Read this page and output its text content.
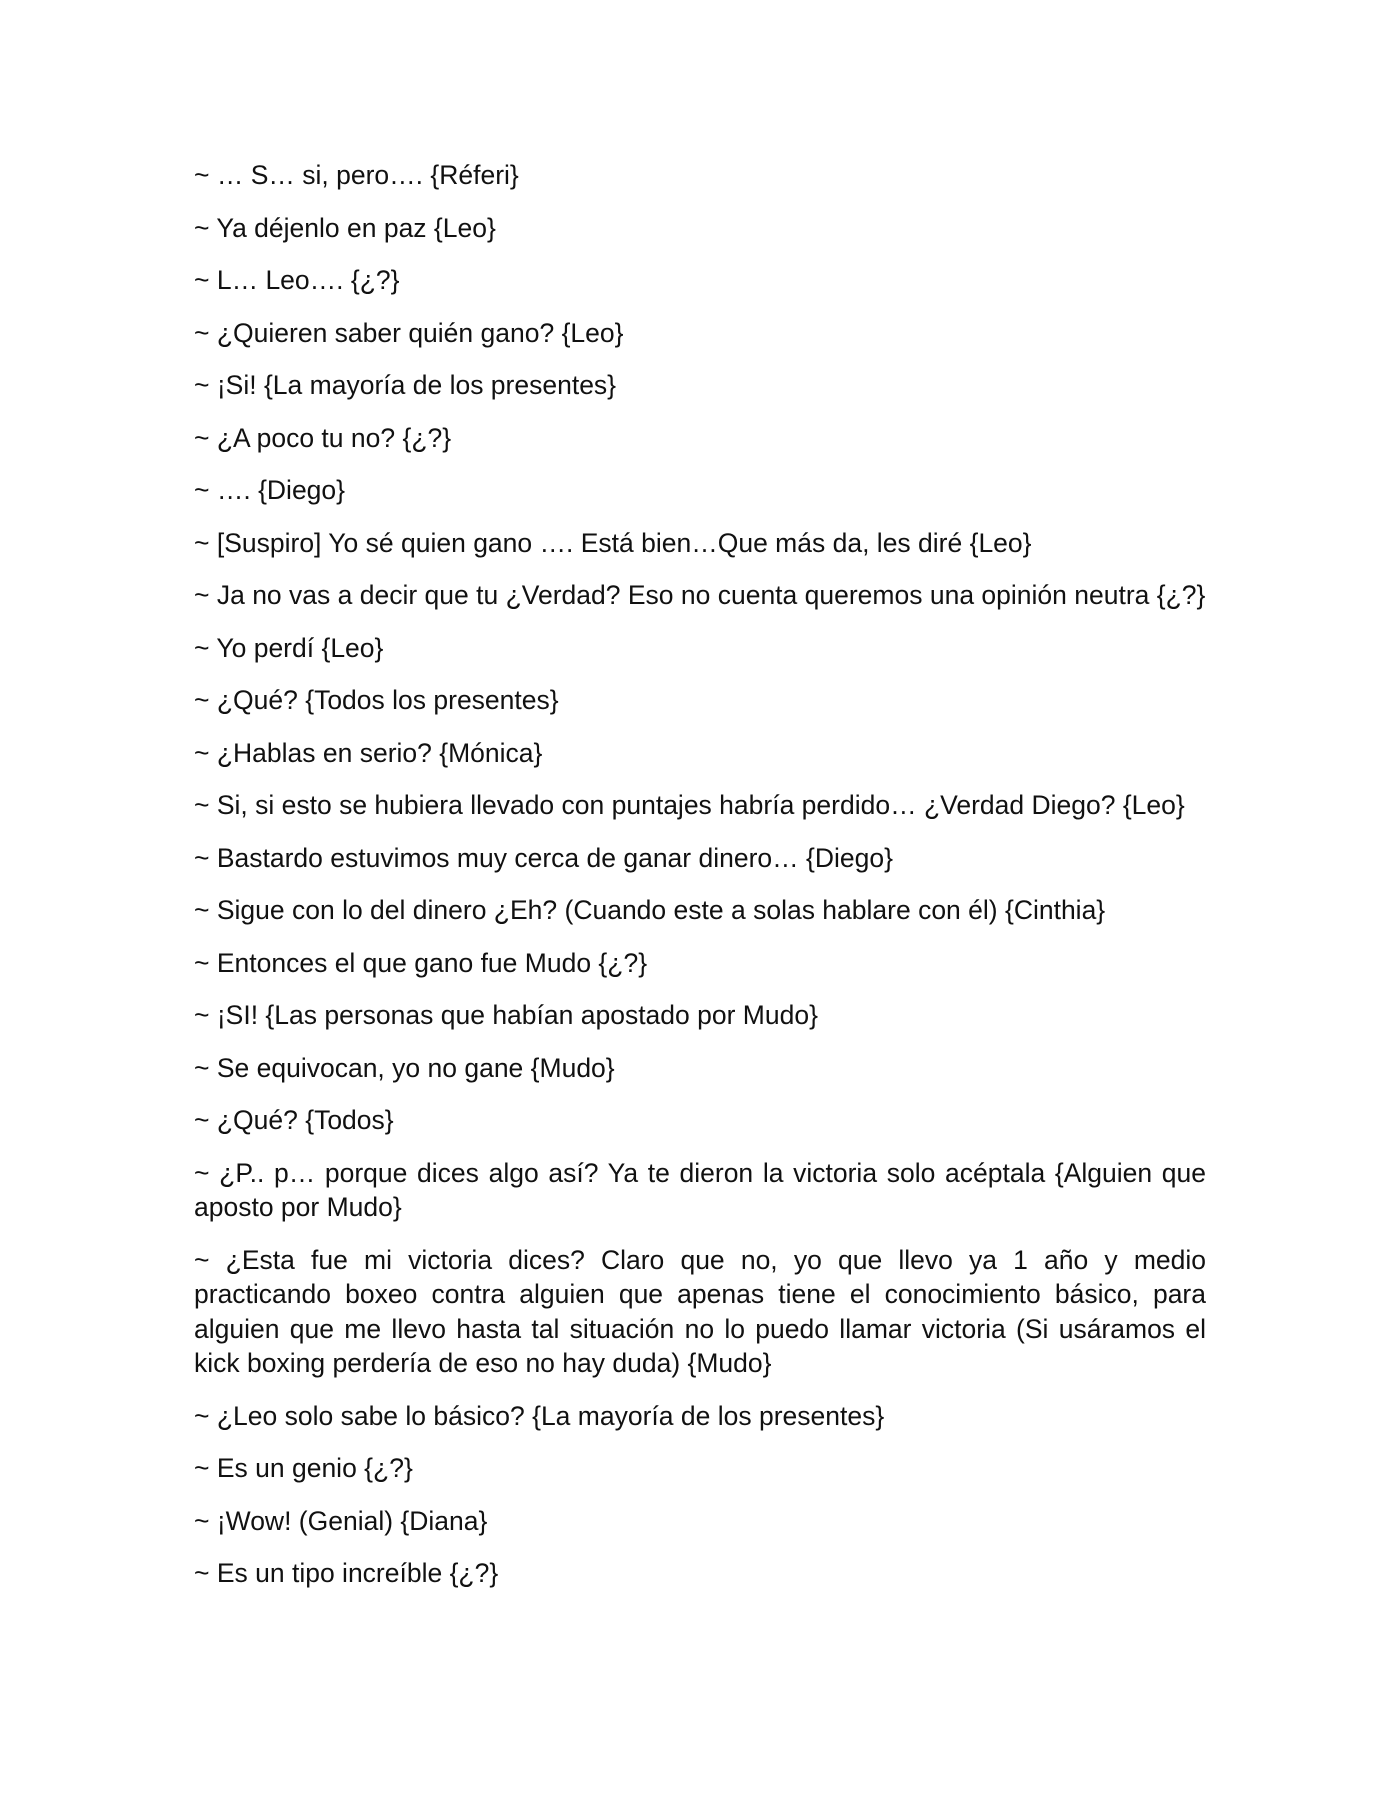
~ … S… si, pero…. {Réferi}

~ Ya déjenlo en paz {Leo}

~ L… Leo…. {¿?}

~ ¿Quieren saber quién gano? {Leo}

~ ¡Si! {La mayoría de los presentes}

~ ¿A poco tu no? {¿?}

~ …. {Diego}

~ [Suspiro] Yo sé quien gano …. Está bien…Que más da, les diré {Leo}

~ Ja no vas a decir que tu ¿Verdad? Eso no cuenta queremos una opinión neutra {¿?}

~ Yo perdí {Leo}

~ ¿Qué? {Todos los presentes}

~ ¿Hablas en serio? {Mónica}

~ Si, si esto se hubiera llevado con puntajes habría perdido… ¿Verdad Diego? {Leo}

~ Bastardo estuvimos muy cerca de ganar dinero… {Diego}

~ Sigue con lo del dinero ¿Eh? (Cuando este a solas hablare con él) {Cinthia}

~ Entonces el que gano fue Mudo {¿?}

~ ¡SI! {Las personas que habían apostado por Mudo}

~ Se equivocan, yo no gane {Mudo}

~ ¿Qué? {Todos}

~ ¿P.. p… porque dices algo así? Ya te dieron la victoria solo acéptala {Alguien que aposto por Mudo}

~ ¿Esta fue mi victoria dices? Claro que no, yo que llevo ya 1 año y medio practicando boxeo contra alguien que apenas tiene el conocimiento básico, para alguien que me llevo hasta tal situación no lo puedo llamar victoria (Si usáramos el kick boxing perdería de eso no hay duda) {Mudo}

~ ¿Leo solo sabe lo básico? {La mayoría de los presentes}

~ Es un genio {¿?}

~ ¡Wow! (Genial) {Diana}

~ Es un tipo increíble {¿?}
